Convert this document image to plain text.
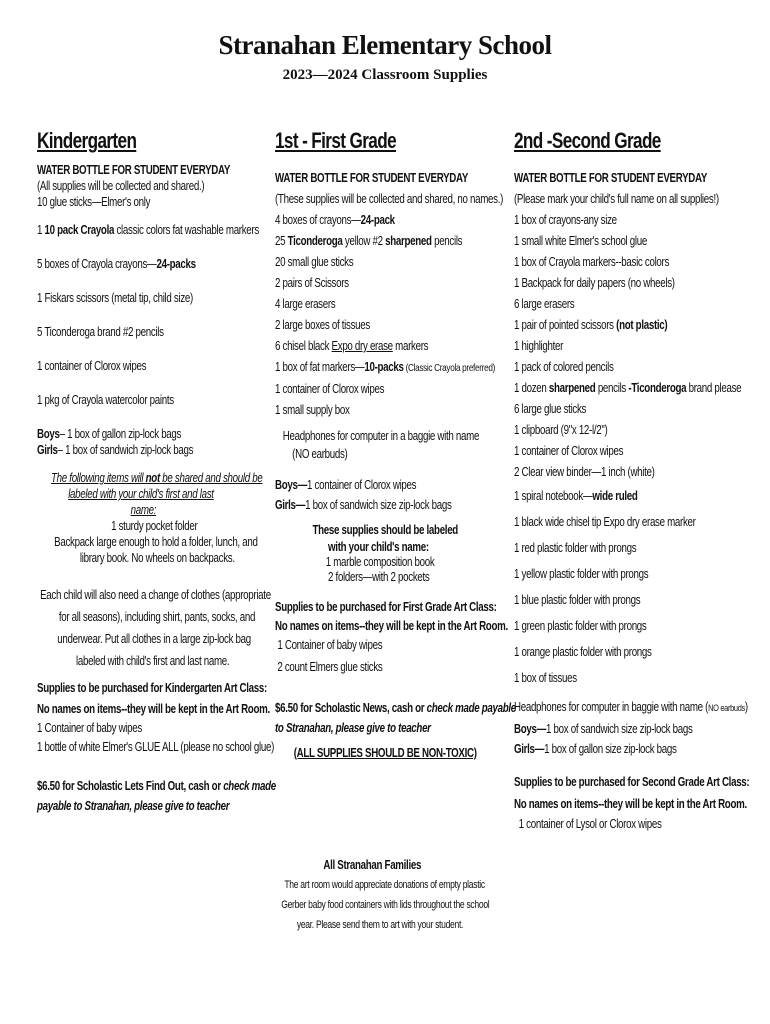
Stranahan Elementary School
2023—2024 Classroom Supplies
Kindergarten
WATER BOTTLE FOR STUDENT EVERYDAY
(All supplies will be collected and shared.)
10 glue sticks—Elmer's only
1 10 pack Crayola classic colors fat washable markers
5 boxes of Crayola crayons—24-packs
1 Fiskars scissors (metal tip, child size)
5 Ticonderoga brand #2 pencils
1 container of Clorox wipes
1 pkg of Crayola watercolor paints
Boys– 1 box of gallon zip-lock bags
Girls– 1 box of sandwich zip-lock bags
The following items will not be shared and should be
labeled with your child's first and last
name:
1 sturdy pocket folder
Backpack large enough to hold a folder, lunch, and
library book. No wheels on backpacks.
Each child will also need a change of clothes (appropriate
for all seasons), including shirt, pants, socks, and
underwear. Put all clothes in a large zip-lock bag
labeled with child's first and last name.
Supplies to be purchased for Kindergarten Art Class:
No names on items--they will be kept in the Art Room.
1 Container of baby wipes
1 bottle of white Elmer's GLUE ALL (please no school glue)
$6.50 for Scholastic Lets Find Out, cash or check made
payable to Stranahan, please give to teacher
1st - First Grade
WATER BOTTLE FOR STUDENT EVERYDAY
(These supplies will be collected and shared, no names.)
4 boxes of crayons—24-pack
25 Ticonderoga yellow #2 sharpened pencils
20 small glue sticks
2 pairs of Scissors
4 large erasers
2 large boxes of tissues
6 chisel black Expo dry erase markers
1 box of fat markers—10-packs (Classic Crayola preferred)
1 container of Clorox wipes
1 small supply box
Headphones for computer in a baggie with name
(NO earbuds)
Boys—1 container of Clorox wipes
Girls—1 box of sandwich size zip-lock bags
These supplies should be labeled
with your child's name:
1 marble composition book
2 folders—with 2 pockets
Supplies to be purchased for First Grade Art Class:
No names on items--they will be kept in the Art Room.
1 Container of baby wipes
2 count Elmers glue sticks
$6.50 for Scholastic News, cash or check made payable
to Stranahan, please give to teacher
(ALL SUPPLIES SHOULD BE NON-TOXIC)
2nd -Second Grade
WATER BOTTLE FOR STUDENT EVERYDAY
(Please mark your child's full name on all supplies!)
1 box of crayons-any size
1 small white Elmer's school glue
1 box of Crayola markers--basic colors
1 Backpack for daily papers (no wheels)
6 large erasers
1 pair of pointed scissors (not plastic)
1 highlighter
1 pack of colored pencils
1 dozen sharpened pencils -Ticonderoga brand please
6 large glue sticks
1 clipboard (9"x 12-l/2")
1 container of Clorox wipes
2 Clear view binder—1 inch (white)
1 spiral notebook—wide ruled
1 black wide chisel tip Expo dry erase marker
1 red plastic folder with prongs
1 yellow plastic folder with prongs
1 blue plastic folder with prongs
1 green plastic folder with prongs
1 orange plastic folder with prongs
1 box of tissues
Headphones for computer in baggie with name (NO earbuds)
Boys—1 box of sandwich size zip-lock bags
Girls—1 box of gallon size zip-lock bags
Supplies to be purchased for Second Grade Art Class:
No names on items--they will be kept in the Art Room.
1 container of Lysol or Clorox wipes
All Stranahan Families
The art room would appreciate donations of empty plastic
Gerber baby food containers with lids throughout the school
year. Please send them to art with your student.
